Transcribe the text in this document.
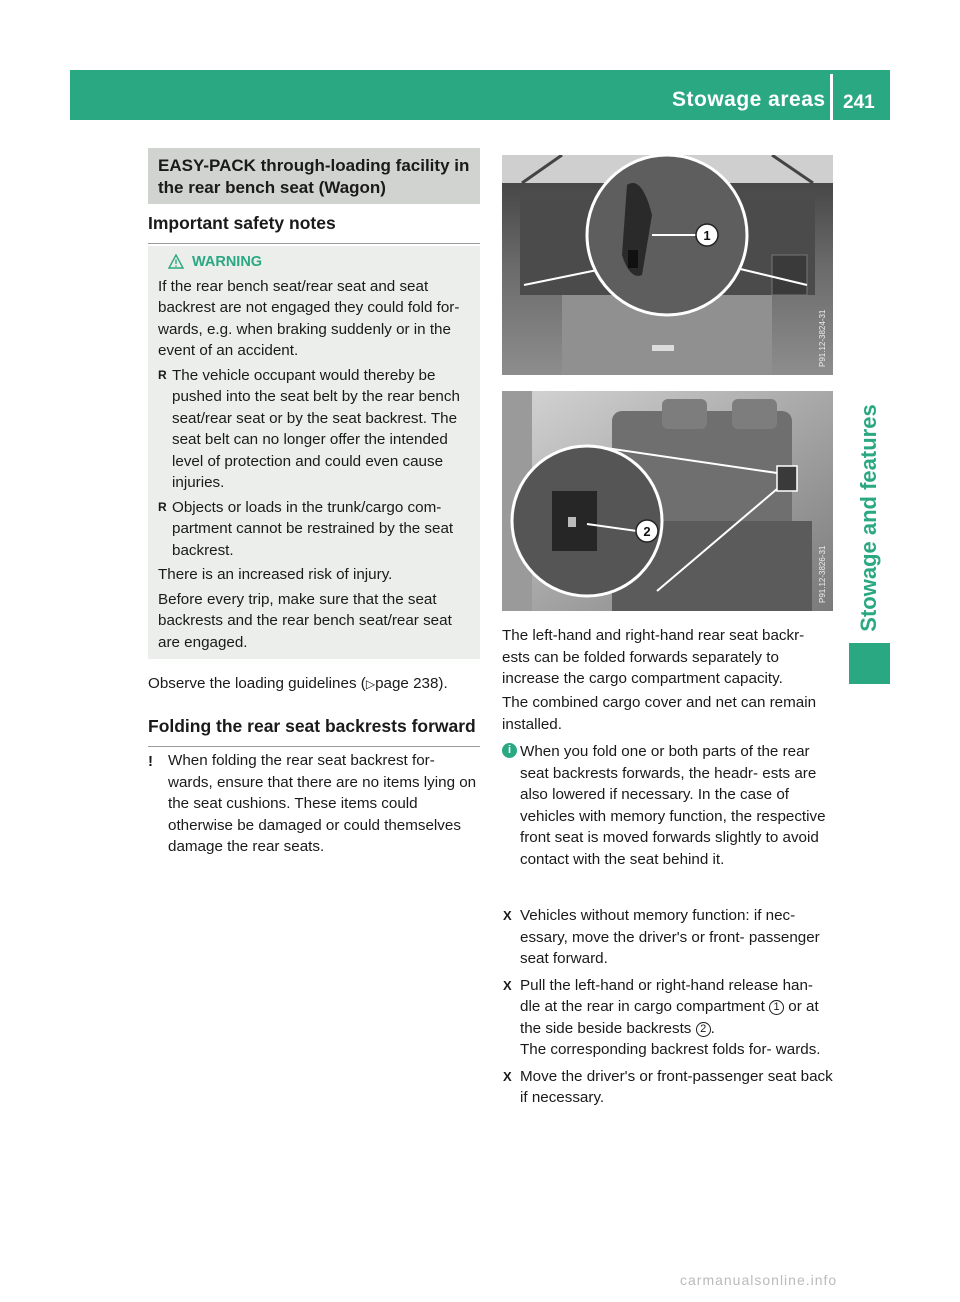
Stowage areas 241
Stowage and features
EASY-PACK through-loading facility in the rear bench seat (Wagon)
Important safety notes
WARNING
If the rear bench seat/rear seat and seat backrest are not engaged they could fold for- wards, e.g. when braking suddenly or in the event of an accident.
R The vehicle occupant would thereby be pushed into the seat belt by the rear bench seat/rear seat or by the seat backrest. The seat belt can no longer offer the intended level of protection and could even cause injuries.
R Objects or loads in the trunk/cargo com- partment cannot be restrained by the seat backrest.
There is an increased risk of injury.
Before every trip, make sure that the seat backrests and the rear bench seat/rear seat are engaged.
Observe the loading guidelines (▷page 238).
Folding the rear seat backrests forward
! When folding the rear seat backrest for- wards, ensure that there are no items lying on the seat cushions. These items could otherwise be damaged or could themselves damage the rear seats.
1
P91.12-3824-31
2
P91.12-3826-31
The left-hand and right-hand rear seat backr- ests can be folded forwards separately to increase the cargo compartment capacity.
The combined cargo cover and net can remain installed.
i When you fold one or both parts of the rear seat backrests forwards, the headr- ests are also lowered if necessary. In the case of vehicles with memory function, the respective front seat is moved forwards slightly to avoid contact with the seat behind it.
X Vehicles without memory function: if nec- essary, move the driver's or front- passenger seat forward.
X Pull the left-hand or right-hand release han- dle at the rear in cargo compartment 1 or at the side beside backrests 2 .
The corresponding backrest folds for- wards.
X Move the driver's or front-passenger seat back if necessary.
carmanualsonline.info
